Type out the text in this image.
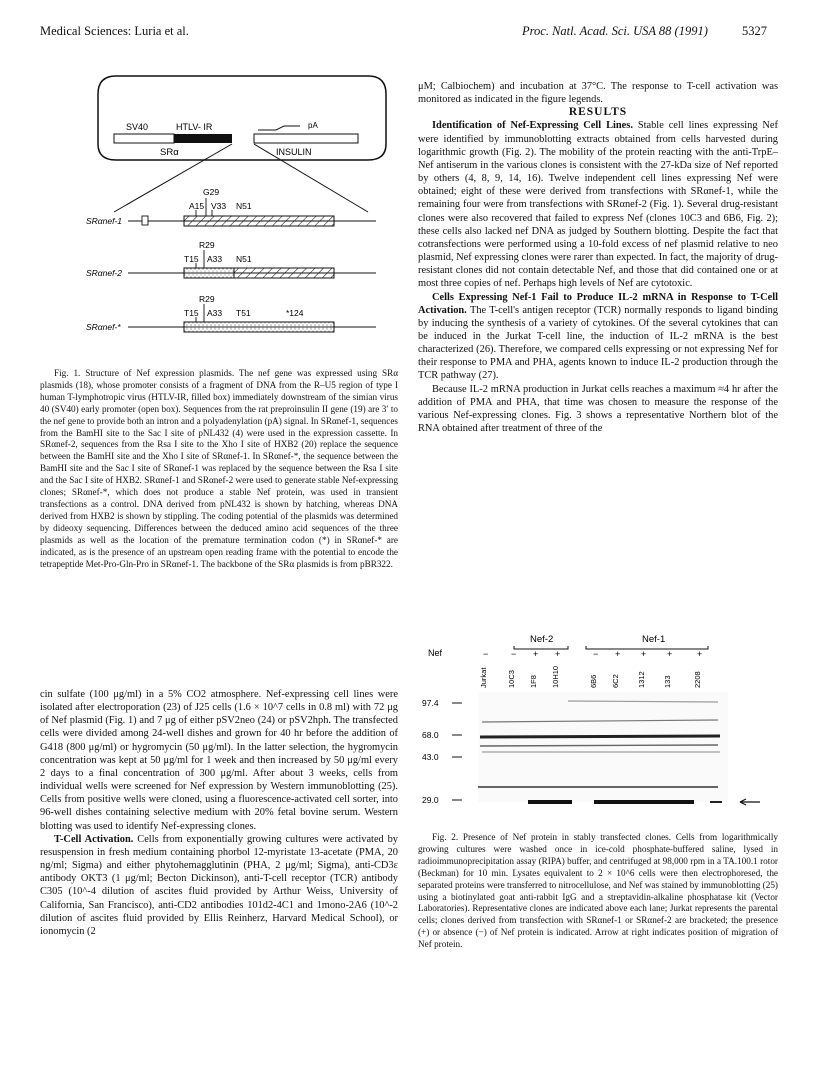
Medical Sciences: Luria et al.	Proc. Natl. Acad. Sci. USA 88 (1991)	5327
SV40	HTLV- IR
SRα
pA
INSULIN
SRαnef-1
G29
A15 V33 N51
SRαnef-2
R29
T15 A33 N51
SRαnef-*
R29
T15 A33 T51	*124

Fig. 1. Structure of Nef expression plasmids. The nef gene was expressed using SRα plasmids (18), whose promoter consists of a fragment of DNA from the R–U5 region of type I human T-lymphotropic virus (HTLV-IR, filled box) immediately downstream of the simian virus 40 (SV40) early promoter (open box). Sequences from the rat preproinsulin II gene (19) are 3′ to the nef gene to provide both an intron and a polyadenylation (pA) signal. In SRαnef-1, sequences from the BamHI site to the Sac I site of pNL432 (4) were used in the expression cassette. In SRαnef-2, sequences from the Rsa I site to the Xho I site of HXB2 (20) replace the sequence between the BamHI site and the Xho I site of SRαnef-1. In SRαnef-*, the sequence between the BamHI site and the Sac I site of SRαnef-1 was replaced by the sequence between the Rsa I site and the Sac I site of HXB2. SRαnef-1 and SRαnef-2 were used to generate stable Nef-expressing clones; SRαnef-*, which does not produce a stable Nef protein, was used in transient transfections as a control. DNA derived from pNL432 is shown by hatching, whereas DNA derived from HXB2 is shown by stippling. The coding potential of the plasmids was determined by dideoxy sequencing. Differences between the deduced amino acid sequences of the three plasmids as well as the location of the premature termination codon (*) in SRαnef-* are indicated, as is the presence of an upstream open reading frame with the potential to encode the tetrapeptide Met-Pro-Gln-Pro in SRαnef-1. The backbone of the SRα plasmids is from pBR322.

cin sulfate (100 μg/ml) in a 5% CO2 atmosphere. Nef-expressing cell lines were isolated after electroporation (23) of J25 cells (1.6 × 10^7 cells in 0.8 ml) with 72 μg of Nef plasmid (Fig. 1) and 7 μg of either pSV2neo (24) or pSV2hph. The transfected cells were divided among 24-well dishes and grown for 40 hr before the addition of G418 (800 μg/ml) or hygromycin (50 μg/ml). In the latter selection, the hygromycin concentration was kept at 50 μg/ml for 1 week and then increased by 50 μg/ml every 2 days to a final concentration of 300 μg/ml. After about 3 weeks, cells from individual wells were screened for Nef expression by Western immunoblotting (25). Cells from positive wells were cloned, using a fluorescence-activated cell sorter, into 96-well dishes containing selective medium with 20% fetal bovine serum. Western blotting was used to identify Nef-expressing clones.

T-Cell Activation. Cells from exponentially growing cultures were activated by resuspension in fresh medium containing phorbol 12-myristate 13-acetate (PMA, 20 ng/ml; Sigma) and either phytohemagglutinin (PHA, 2 μg/ml; Sigma), anti-CD3ε antibody OKT3 (1 μg/ml; Becton Dickinson), anti-T-cell receptor (TCR) antibody C305 (10^-4 dilution of ascites fluid provided by Arthur Weiss, University of California, San Francisco), anti-CD2 antibodies 101d2-4C1 and 1mono-2A6 (10^-2 dilution of ascites fluid provided by Ellis Reinherz, Harvard Medical School), or ionomycin (2

μM; Calbiochem) and incubation at 37°C. The response to T-cell activation was monitored as indicated in the figure legends.

RESULTS

Identification of Nef-Expressing Cell Lines. Stable cell lines expressing Nef were identified by immunoblotting extracts obtained from cells harvested during logarithmic growth (Fig. 2). The mobility of the protein reacting with the anti-TrpE–Nef antiserum in the various clones is consistent with the 27-kDa size of Nef reported by others (4, 8, 9, 14, 16). Twelve independent cell lines expressing Nef were obtained; eight of these were derived from transfections with SRαnef-1, while the remaining four were from transfections with SRαnef-2 (Fig. 1). Several drug-resistant clones were also recovered that failed to express Nef (clones 10C3 and 6B6, Fig. 2); these cells also lacked nef DNA as judged by Southern blotting. Despite the fact that cotransfections were performed using a 10-fold excess of nef plasmid relative to neo plasmid, Nef expressing clones were rarer than expected. In fact, the majority of drug-resistant clones did not contain detectable Nef, and those that did contained one or at most three copies of nef. Perhaps high levels of Nef are cytotoxic.

Cells Expressing Nef-1 Fail to Produce IL-2 mRNA in Response to T-Cell Activation. The T-cell's antigen receptor (TCR) normally responds to ligand binding by inducing the synthesis of a variety of cytokines. Of the several cytokines that can be induced in the Jurkat T-cell line, the induction of IL-2 mRNA is the best characterized (26). Therefore, we compared cells expressing or not expressing Nef for their response to PMA and PHA, agents known to induce IL-2 production through the TCR pathway (27).

Because IL-2 mRNA production in Jurkat cells reaches a maximum ≈4 hr after the addition of PMA and PHA, that time was chosen to measure the response of the various Nef-expressing clones. Fig. 3 shows a representative Northern blot of the RNA obtained after treatment of three of the

Nef-2	Nef-1
Nef	−	− + +	− + + +	+
Jurkat	10C3 1F8 10H10	6B6 6C2 1312 133	2208
97.4
68.0
43.0
29.0

Fig. 2. Presence of Nef protein in stably transfected clones. Cells from logarithmically growing cultures were washed once in ice-cold phosphate-buffered saline, lysed in radioimmunoprecipitation assay (RIPA) buffer, and centrifuged at 98,000 rpm in a TA.100.1 rotor (Beckman) for 10 min. Lysates equivalent to 2 × 10^6 cells were then electrophoresed, the separated proteins were transferred to nitrocellulose, and Nef was stained by immunoblotting (25) using a biotinylated goat anti-rabbit IgG and a streptavidin-alkaline phosphatase kit (Vector Laboratories). Representative clones are indicated above each lane; Jurkat represents the parental cells; clones derived from transfection with SRαnef-1 or SRαnef-2 are bracketed; the presence (+) or absence (−) of Nef protein is indicated. Arrow at right indicates position of migration of Nef protein.
